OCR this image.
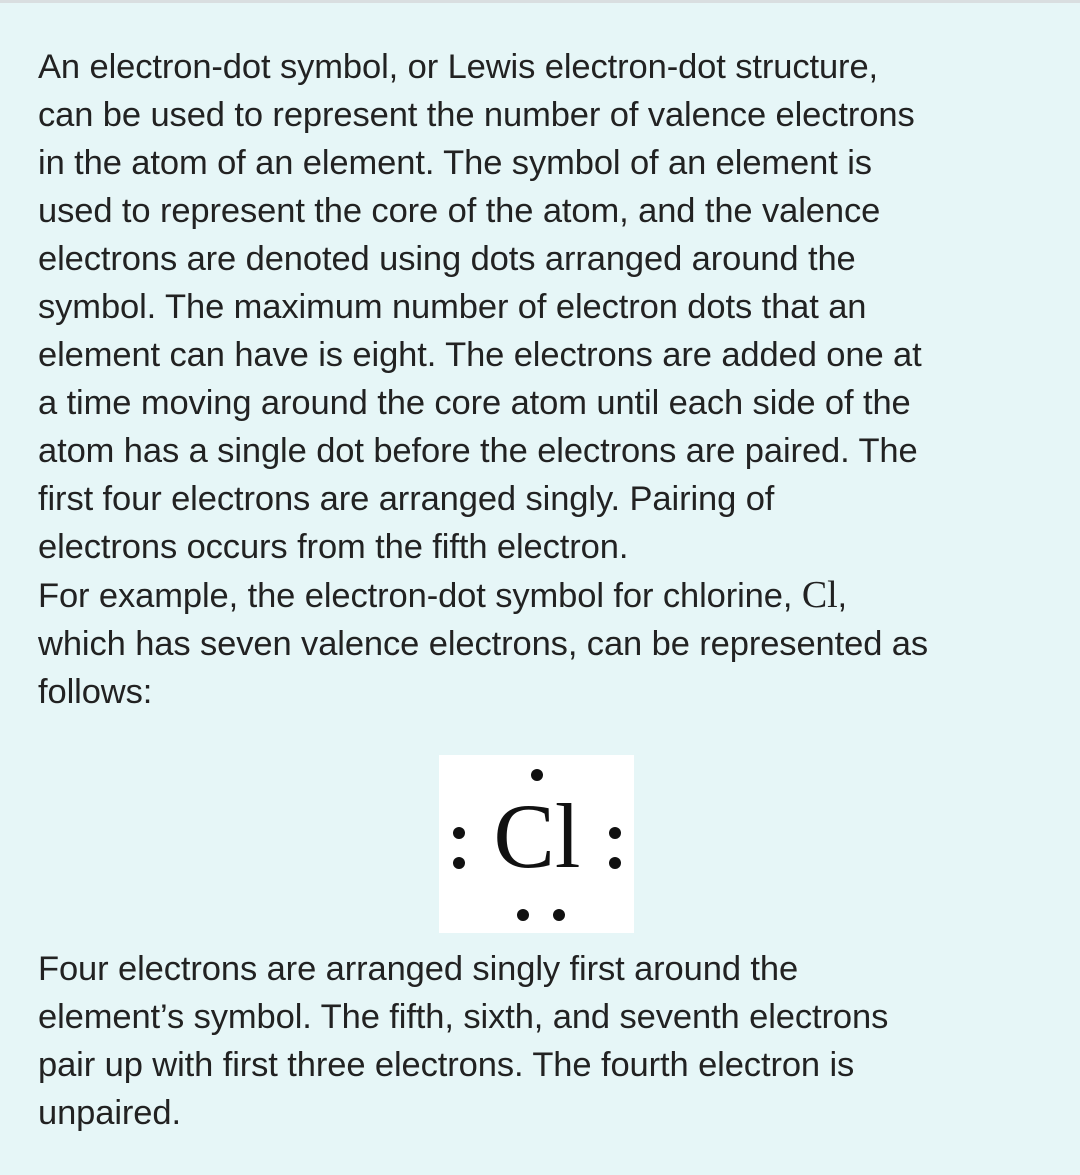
An electron-dot symbol, or Lewis electron-dot structure,
can be used to represent the number of valence electrons
in the atom of an element. The symbol of an element is
used to represent the core of the atom, and the valence
electrons are denoted using dots arranged around the
symbol. The maximum number of electron dots that an
element can have is eight. The electrons are added one at
a time moving around the core atom until each side of the
atom has a single dot before the electrons are paired. The
first four electrons are arranged singly. Pairing of
electrons occurs from the fifth electron.
For example, the electron-dot symbol for chlorine, Cl,
which has seven valence electrons, can be represented as
follows:
Cl
Four electrons are arranged singly first around the
element’s symbol. The fifth, sixth, and seventh electrons
pair up with first three electrons. The fourth electron is
unpaired.
